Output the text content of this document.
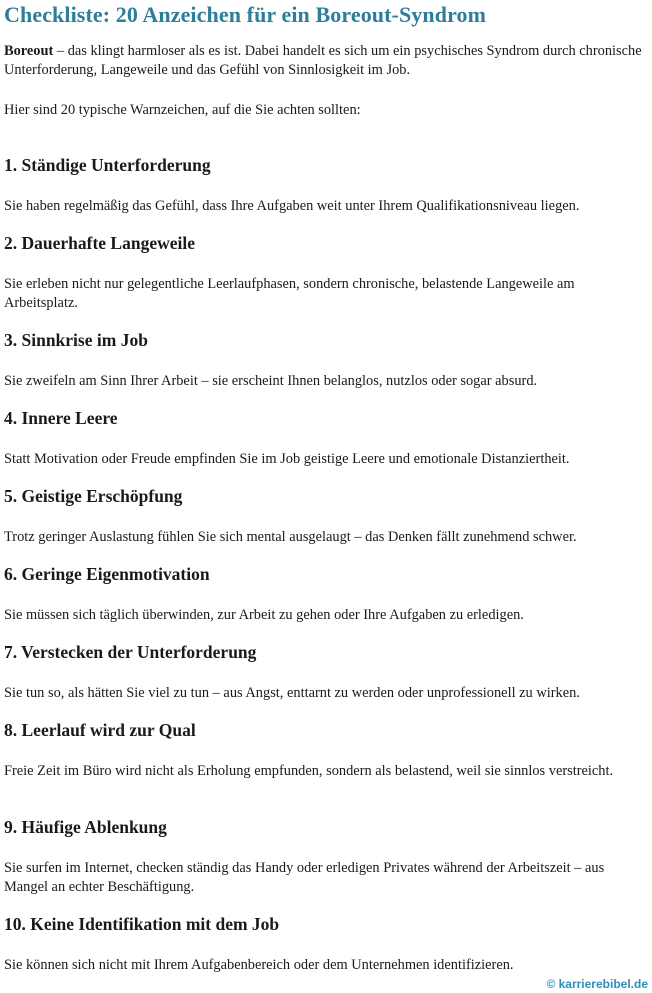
Checkliste: 20 Anzeichen für ein Boreout-Syndrom

Boreout – das klingt harmloser als es ist. Dabei handelt es sich um ein psychisches Syndrom durch chronische Unterforderung, Langeweile und das Gefühl von Sinnlosigkeit im Job.

Hier sind 20 typische Warnzeichen, auf die Sie achten sollten:

1. Ständige Unterforderung

Sie haben regelmäßig das Gefühl, dass Ihre Aufgaben weit unter Ihrem Qualifikationsniveau liegen.

2. Dauerhafte Langeweile

Sie erleben nicht nur gelegentliche Leerlaufphasen, sondern chronische, belastende Langeweile am Arbeitsplatz.

3. Sinnkrise im Job

Sie zweifeln am Sinn Ihrer Arbeit – sie erscheint Ihnen belanglos, nutzlos oder sogar absurd.

4. Innere Leere

Statt Motivation oder Freude empfinden Sie im Job geistige Leere und emotionale Distanziertheit.

5. Geistige Erschöpfung

Trotz geringer Auslastung fühlen Sie sich mental ausgelaugt – das Denken fällt zunehmend schwer.

6. Geringe Eigenmotivation

Sie müssen sich täglich überwinden, zur Arbeit zu gehen oder Ihre Aufgaben zu erledigen.

7. Verstecken der Unterforderung

Sie tun so, als hätten Sie viel zu tun – aus Angst, enttarnt zu werden oder unprofessionell zu wirken.

8. Leerlauf wird zur Qual

Freie Zeit im Büro wird nicht als Erholung empfunden, sondern als belastend, weil sie sinnlos verstreicht.

9. Häufige Ablenkung

Sie surfen im Internet, checken ständig das Handy oder erledigen Privates während der Arbeitszeit – aus Mangel an echter Beschäftigung.

10. Keine Identifikation mit dem Job

Sie können sich nicht mit Ihrem Aufgabenbereich oder dem Unternehmen identifizieren.

© karrierebibel.de
